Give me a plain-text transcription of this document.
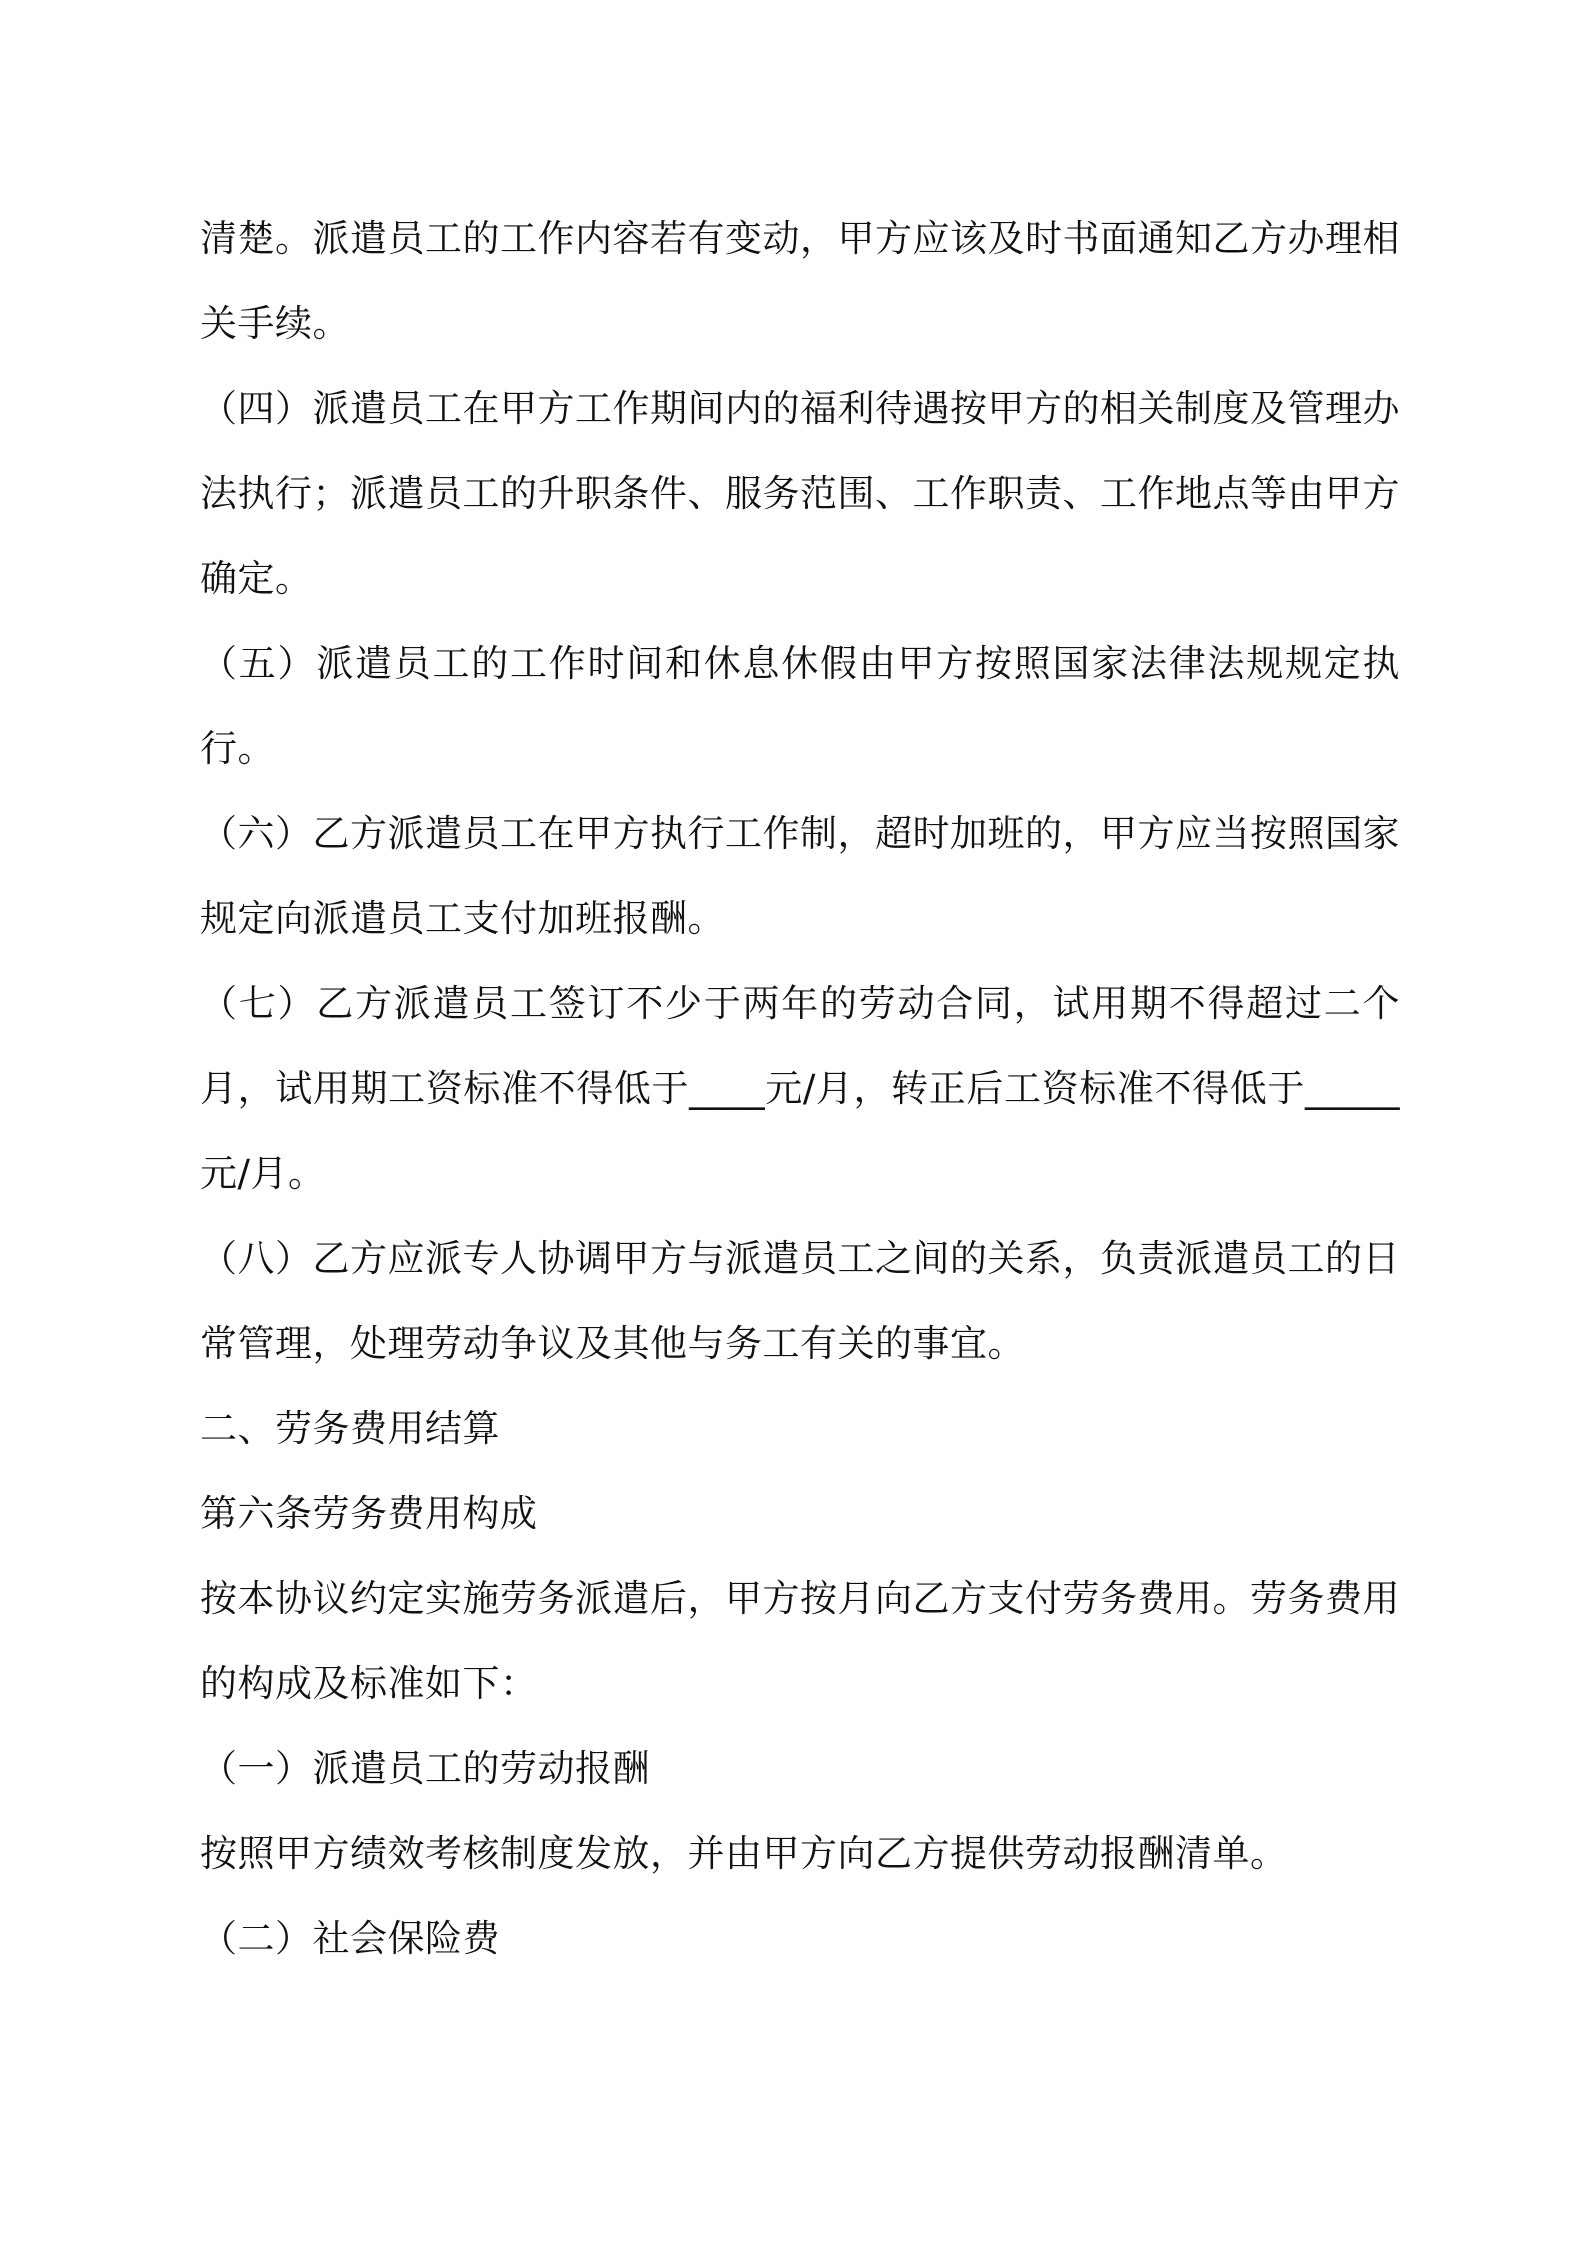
清楚。派遣员工的工作内容若有变动，甲方应该及时书面通知乙方办理相关手续。

（四）派遣员工在甲方工作期间内的福利待遇按甲方的相关制度及管理办法执行；派遣员工的升职条件、服务范围、工作职责、工作地点等由甲方确定。

（五）派遣员工的工作时间和休息休假由甲方按照国家法律法规规定执行。

（六）乙方派遣员工在甲方执行工作制，超时加班的，甲方应当按照国家规定向派遣员工支付加班报酬。

（七）乙方派遣员工签订不少于两年的劳动合同，试用期不得超过二个月，试用期工资标准不得低于____元/月，转正后工资标准不得低于_____元/月。

（八）乙方应派专人协调甲方与派遣员工之间的关系，负责派遣员工的日常管理，处理劳动争议及其他与务工有关的事宜。

二、劳务费用结算

第六条劳务费用构成

按本协议约定实施劳务派遣后，甲方按月向乙方支付劳务费用。劳务费用的构成及标准如下：

（一）派遣员工的劳动报酬

按照甲方绩效考核制度发放，并由甲方向乙方提供劳动报酬清单。

（二）社会保险费
